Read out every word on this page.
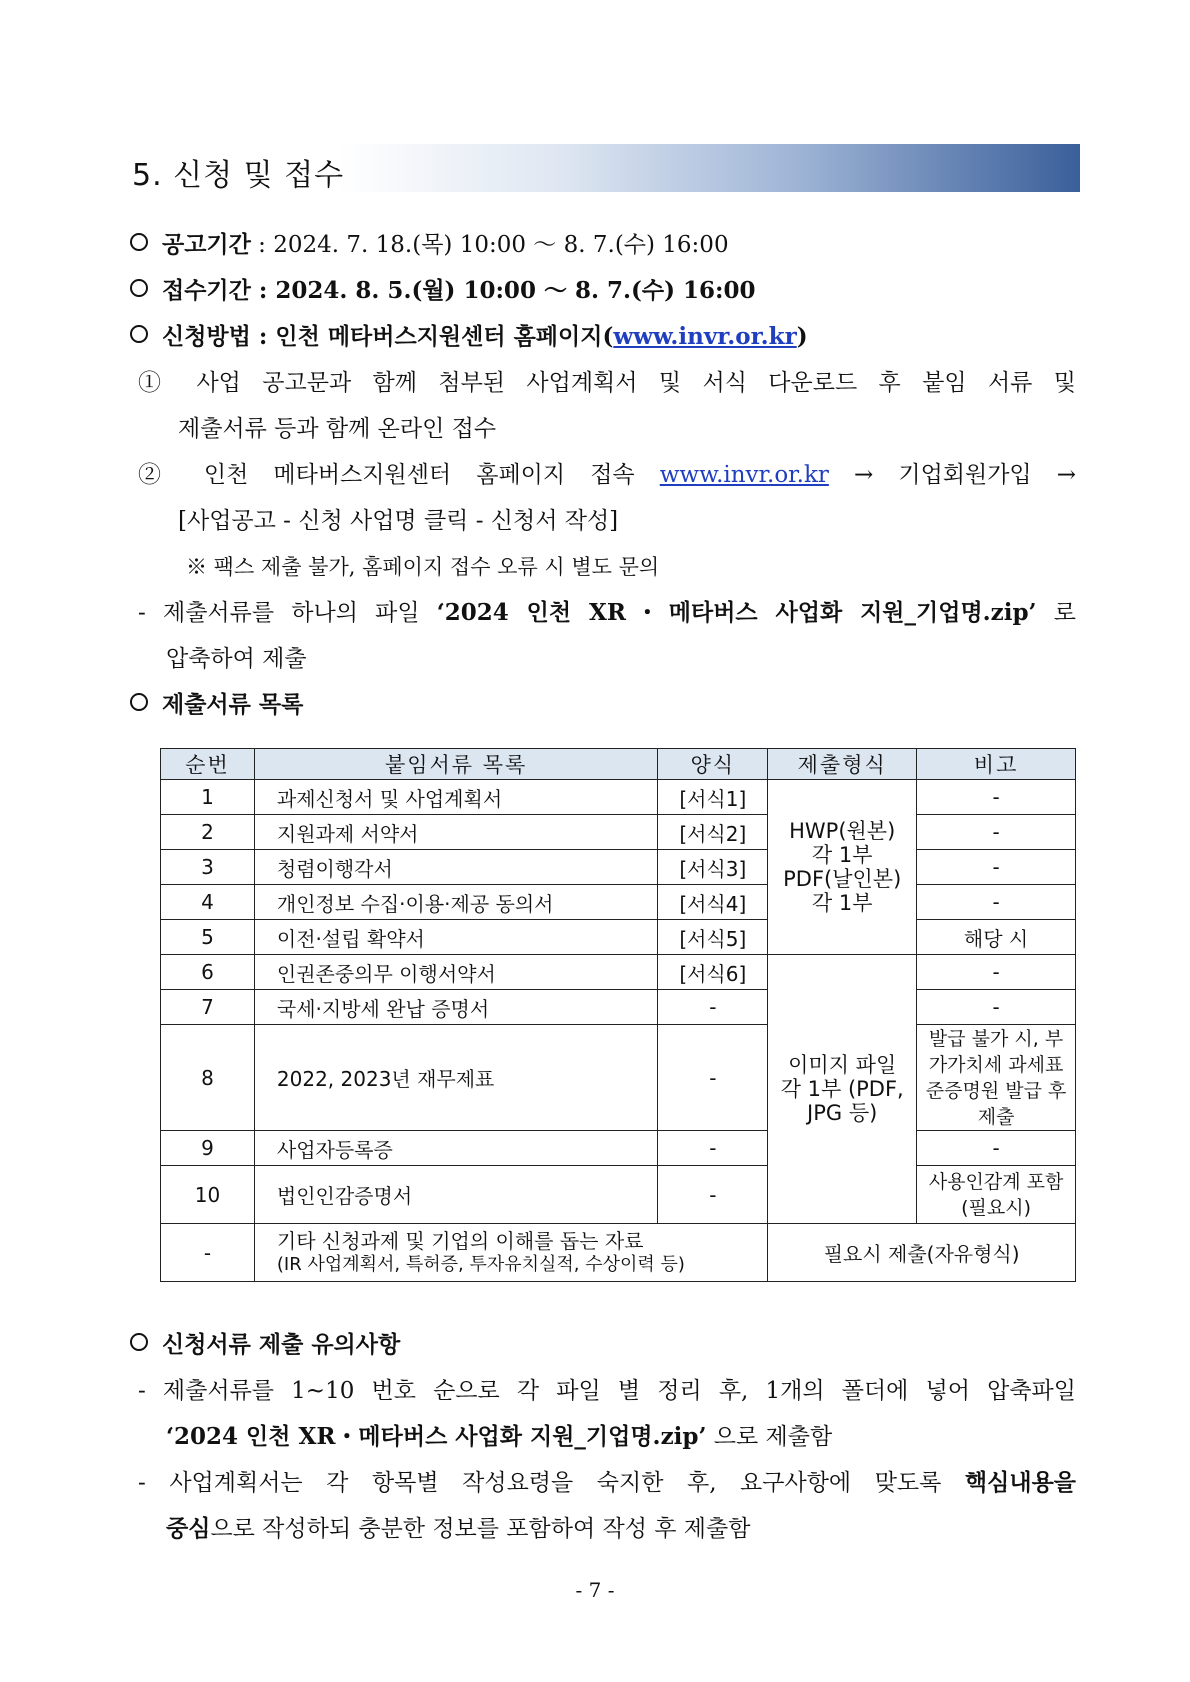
5. 신청 및 접수
공고기간 : 2024. 7. 18.(목) 10:00 ～ 8. 7.(수) 16:00
접수기간 : 2024. 8. 5.(월) 10:00 ～ 8. 7.(수) 16:00
신청방법 : 인천 메타버스지원센터 홈페이지(www.invr.or.kr)
① 사업 공고문과 함께 첨부된 사업계획서 및 서식 다운로드 후 붙임 서류 및
제출서류 등과 함께 온라인 접수
② 인천 메타버스지원센터 홈페이지 접속 www.invr.or.kr → 기업회원가입 →
[사업공고 - 신청 사업명 클릭 - 신청서 작성]
※ 팩스 제출 불가, 홈페이지 접수 오류 시 별도 문의
- 제출서류를 하나의 파일 ‘2024 인천 XR・메타버스 사업화 지원_기업명.zip’ 로
압축하여 제출
제출서류 목록
순번	붙임서류 목록	양식	제출형식	비고
1	과제신청서 및 사업계획서	[서식1]	HWP(원본) 각 1부 PDF(날인본) 각 1부	-
2	지원과제 서약서	[서식2]		-
3	청렴이행각서	[서식3]		-
4	개인정보 수집·이용·제공 동의서	[서식4]		-
5	이전·설립 확약서	[서식5]		해당 시
6	인권존중의무 이행서약서	[서식6]	이미지 파일 각 1부 (PDF, JPG 등)	-
7	국세·지방세 완납 증명서	-		-
8	2022, 2023년 재무제표	-		발급 불가 시, 부가가치세 과세표준증명원 발급 후 제출
9	사업자등록증	-		-
10	법인인감증명서	-		사용인감계 포함 (필요시)
-	기타 신청과제 및 기업의 이해를 돕는 자료
(IR 사업계획서, 특허증, 투자유치실적, 수상이력 등)		필요시 제출(자유형식)	
신청서류 제출 유의사항
- 제출서류를 1~10 번호 순으로 각 파일 별 정리 후, 1개의 폴더에 넣어 압축파일
‘2024 인천 XR・메타버스 사업화 지원_기업명.zip’ 으로 제출함
- 사업계획서는 각 항목별 작성요령을 숙지한 후, 요구사항에 맞도록 핵심내용을
중심으로 작성하되 충분한 정보를 포함하여 작성 후 제출함
- 7 -
